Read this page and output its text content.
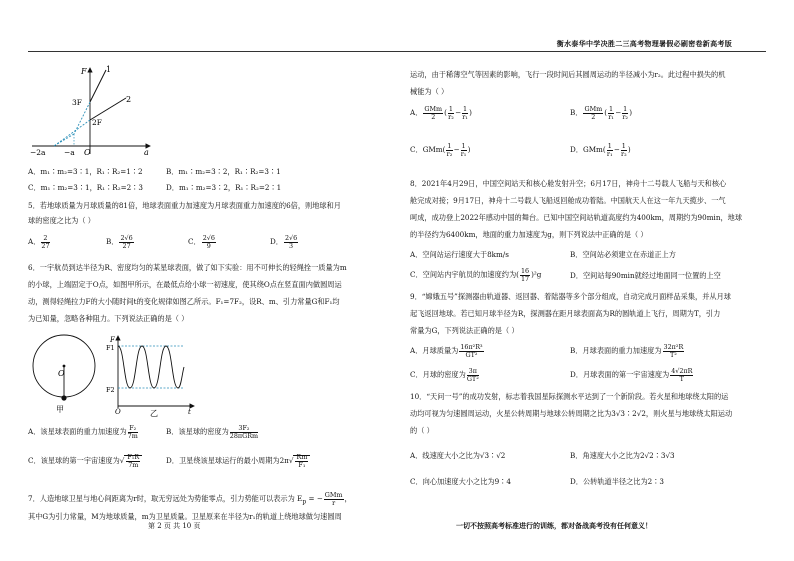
衡水泰华中学决胜二三高考物理暑假必刷密卷新高考版
F
a
O
3F
2F
−2a −a
1
2
A．m₁∶m₂=3∶1，R₁∶R₂=1∶2	B．m₁∶m₂=3∶2，R₁∶R₂=3∶1
C．m₁∶m₂=3∶1，R₁∶R₂=2∶3	D．m₁∶m₂=3∶2，R₁∶R₂=2∶1
5．若地球质量为月球质量的81倍，地球表面重力加速度为月球表面重力加速度的6倍，则地球和月
球的密度之比为（ ）
A． $\frac{2}{27}$	B． $\frac{2√6}{27}$	C． $\frac{2√6}{9}$	D． $\frac{2√6}{3}$
6．一宇航员到达半径为R、密度均匀的某星球表面，做了如下实验：用不可伸长的轻绳拴一质量为m
的小球，上端固定于O点，如图甲所示，在最低点给小球一初速度，使其绕O点在竖直面内做圆周运
动，测得轻绳拉力F的大小随时间t的变化规律如图乙所示。F₁=7F₂，设R、m、引力常量G和F₁均
为已知量，忽略各种阻力。下列说法正确的是（ ）
O
甲
F
F1
F2
O	t
乙
A．该星球表面的重力加速度为 $\frac{\text{F₂}}{7m}$	B．该星球的密度为 $\frac{\text{3F₂}}{\text{28πGRm}}$
C．该星球的第一宇宙速度为√ $\frac{\text{F₁R}}{7m}$	D．卫星绕该星球运行的最小周期为$2\pi√ \frac{Rm}{\text{F₁}}$
7．人造地球卫星与地心间距离为r时，取无穷远处为势能零点，引力势能可以表示为 $E_p$ = − $\frac{\text{GMm}}{r}$ ，
其中G为引力常量，M为地球质量，m为卫星质量。卫星原来在半径为r₁的轨道上绕地球做匀速圆周
运动，由于稀薄空气等因素的影响，飞行一段时间后其圆周运动的半径减小为r₂。此过程中损失的机
械能为（ ）
A． $\frac{\text{GMm}}{2}$ ( $\frac{1}{\text{r₂}} - \frac{1}{\text{r₁}}$ )	B． $\frac{\text{GMm}}{2}$ ( $\frac{1}{\text{r₁}} - \frac{1}{\text{r₂}}$ )
C．$GMm( \frac{1}{\text{r₂}} - \frac{1}{\text{r₁}}$ )	D．$GMm( \frac{1}{\text{r₁}} - \frac{1}{\text{r₂}}$ )
8．2021年4月29日，中国空间站天和核心舱发射升空；6月17日，神舟十二号载人飞船与天和核心
舱完成对接；9月17日，神舟十二号载人飞船返回舱成功着陆。中国航天人在这一年九天揽步、一气
呵成，成功登上2022年感动中国的舞台。已知中国空间站轨道高度约为400km，周期约为90min，地球
的半径约为6400km，地面的重力加速度为g，则下列说法中正确的是（ ）
A．空间站运行速度大于8km/s	B．空间站必须建立在赤道正上方
C．空间站内宇航员的加速度约为( $\frac{16}{17} )^2g$	D．空间站每90min就经过地面同一位置的上空
9．“嫦娥五号”探测器由轨道器、返回器、着陆器等多个部分组成，自动完成月面样品采集，并从月球
起飞返回地球。若已知月球半径为R，探测器在距月球表面高为R的圆轨道上飞行，周期为T，引力
常量为G，下列说法正确的是（ ）
A．月球质量为 $\frac{\text{16π²R³}}{\text{GT²}}$	B．月球表面的重力加速度为 $\frac{\text{32π²R}}{\text{T²}}$
C．月球的密度为 $\frac{3\pi}{\text{GT²}}$	D．月球表面的第一宇宙速度为 $\frac{4√2\pi R}{T}$
10．“天问一号”的成功发射，标志着我国星际探测水平达到了一个新阶段。若火星和地球绕太阳的运
动均可视为匀速圆周运动，火星公转周期与地球公转周期之比为3√3∶2√2，则火星与地球绕太阳运动
的（ ）
A．线速度大小之比为√3∶√2	B．角速度大小之比为2√2∶3√3
C．向心加速度大小之比为9∶4	D．公转轨道半径之比为2∶3
第 2 页 共 10 页	一切不按照高考标准进行的训练，都对备战高考没有任何意义！
